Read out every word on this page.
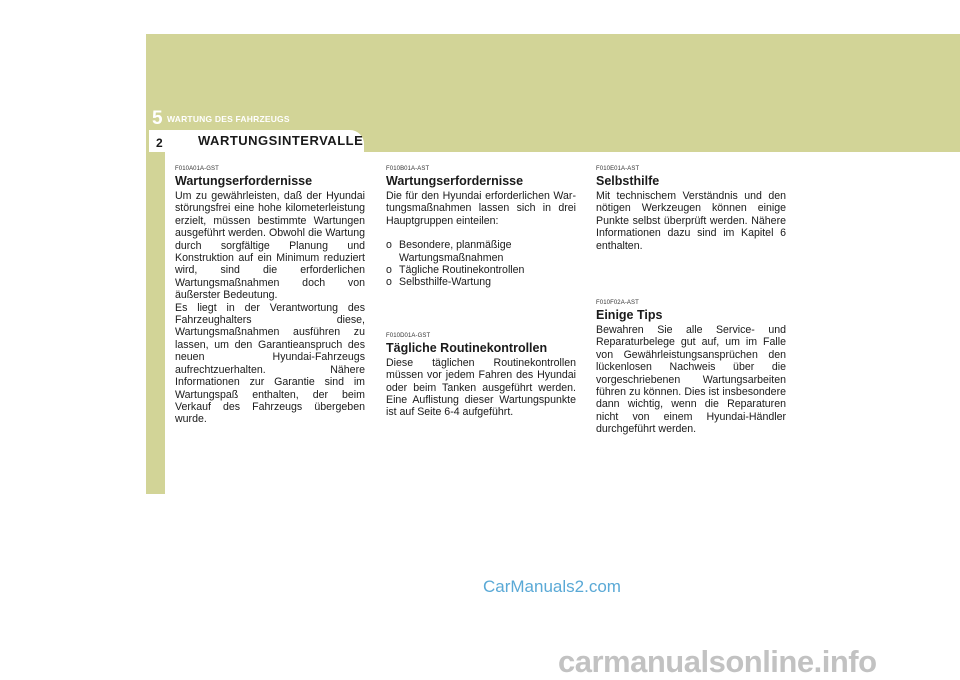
5 WARTUNG DES FAHRZEUGS
2	WARTUNGSINTERVALLE
F010A01A-GST
Wartungserfordernisse

Um zu gewährleisten, daß der Hyundai störungsfrei eine hohe kilometerleistung erzielt, müssen bestimmte Wartungen ausgeführt werden. Obwohl die Wartung durch sorgfältige Planung und Konstruktion auf ein Minimum reduziert wird, sind die erforderlichen Wartungsmaßnahmen doch von äußerster Bedeutung.

Es liegt in der Verantwortung des Fahrzeughalters diese, Wartungsmaßnahmen ausführen zu lassen, um den Garantieanspruch des neuen Hyundai-Fahrzeugs aufrechtzuerhalten. Nähere Informationen zur Garantie sind im Wartungspaß enthalten, der beim Verkauf des Fahrzeugs übergeben wurde.

F010B01A-AST
Wartungserfordernisse

Die für den Hyundai erforderlichen War-tungsmaßnahmen lassen sich in drei Hauptgruppen einteilen:

o Besondere, planmäßige Wartungsmaßnahmen
o Tägliche Routinekontrollen
o Selbsthilfe-Wartung
F010D01A-GST
Tägliche Routinekontrollen

Diese täglichen Routinekontrollen müssen vor jedem Fahren des Hyundai oder beim Tanken ausgeführt werden. Eine Auflistung dieser Wartungspunkte ist auf Seite 6-4 aufgeführt.

F010E01A-AST
Selbsthilfe

Mit technischem Verständnis und den nötigen Werkzeugen können einige Punkte selbst überprüft werden. Nähere Informationen dazu sind im Kapitel 6 enthalten.

F010F02A-AST
Einige Tips

Bewahren Sie alle Service- und Reparaturbelege gut auf, um im Falle von Gewährleistungsansprüchen den lückenlosen Nachweis über die vorgeschriebenen Wartungsarbeiten führen zu können. Dies ist insbesondere dann wichtig, wenn die Reparaturen nicht von einem Hyundai-Händler durchgeführt werden.

CarManuals2.com
carmanualsonline.info
